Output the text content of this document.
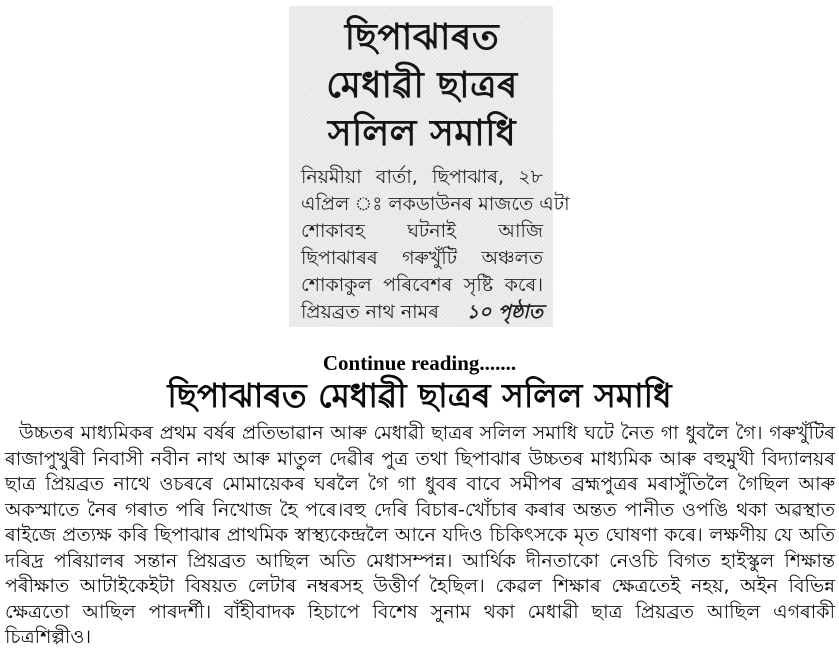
ছিপাঝাৰত
মেধাৱী ছাত্ৰৰ
সলিল সমাধি
নিয়মীয়া বাৰ্তা, ছিপাঝাৰ, ২৮
এপ্ৰিল ঃ লকডাউনৰ মাজতে এটা
শোকাবহ ঘটনাই আজি
ছিপাঝাৰৰ গৰুখুঁটি অঞ্চলত
শোকাকুল পৰিবেশৰ সৃষ্টি কৰে।
প্ৰিয়ব্ৰত নাথ নামৰ ১০ পৃষ্ঠাত
Continue reading.......
ছিপাঝাৰত মেধাৱী ছাত্ৰৰ সলিল সমাধি
উচ্চতৰ মাধ্যমিকৰ প্ৰথম বৰ্ষৰ প্ৰতিভাৱান আৰু মেধাৱী ছাত্ৰৰ সলিল সমাধি ঘটে নৈত গা ধুবলৈ গৈ। গৰুখুঁটিৰ ৰাজাপুখুৰী নিবাসী নবীন নাথ আৰু মাতুল দেৱীৰ পুত্ৰ তথা ছিপাঝাৰ উচ্চতৰ মাধ্যমিক আৰু বহুমুখী বিদ্যালয়ৰ ছাত্ৰ প্ৰিয়ব্ৰত নাথে ওচৰৰে মোমায়েকৰ ঘৰলৈ গৈ গা ধুবৰ বাবে সমীপৰ ব্ৰহ্মপুত্ৰৰ মৰাসুঁতিলৈ গৈছিল আৰু অকস্মাতে নৈৰ গৰাত পৰি নিখোজ হৈ পৰে।বহু দেৰি বিচাৰ-খোঁচাৰ কৰাৰ অন্তত পানীত ওপঙি থকা অৱস্থাত ৰাইজে প্ৰত্যক্ষ কৰি ছিপাঝাৰ প্ৰাথমিক স্বাস্থ্যকেন্দ্ৰলৈ আনে যদিও চিকিৎসকে মৃত ঘোষণা কৰে। লক্ষণীয় যে অতি দৰিদ্ৰ পৰিয়ালৰ সন্তান প্ৰিয়ব্ৰত আছিল অতি মেধাসম্পন্ন। আৰ্থিক দীনতাকো নেওচি বিগত হাইস্কুল শিক্ষান্ত পৰীক্ষাত আটাইকেইটা বিষয়ত লেটাৰ নম্বৰসহ উত্তীৰ্ণ হৈছিল। কেৱল শিক্ষাৰ ক্ষেত্ৰতেই নহয়, অইন বিভিন্ন ক্ষেত্ৰতো আছিল পাৰদৰ্শী। বাঁহীবাদক হিচাপে বিশেষ সুনাম থকা মেধাৱী ছাত্ৰ প্ৰিয়ব্ৰত আছিল এগৰাকী চিত্ৰশিল্পীও।
